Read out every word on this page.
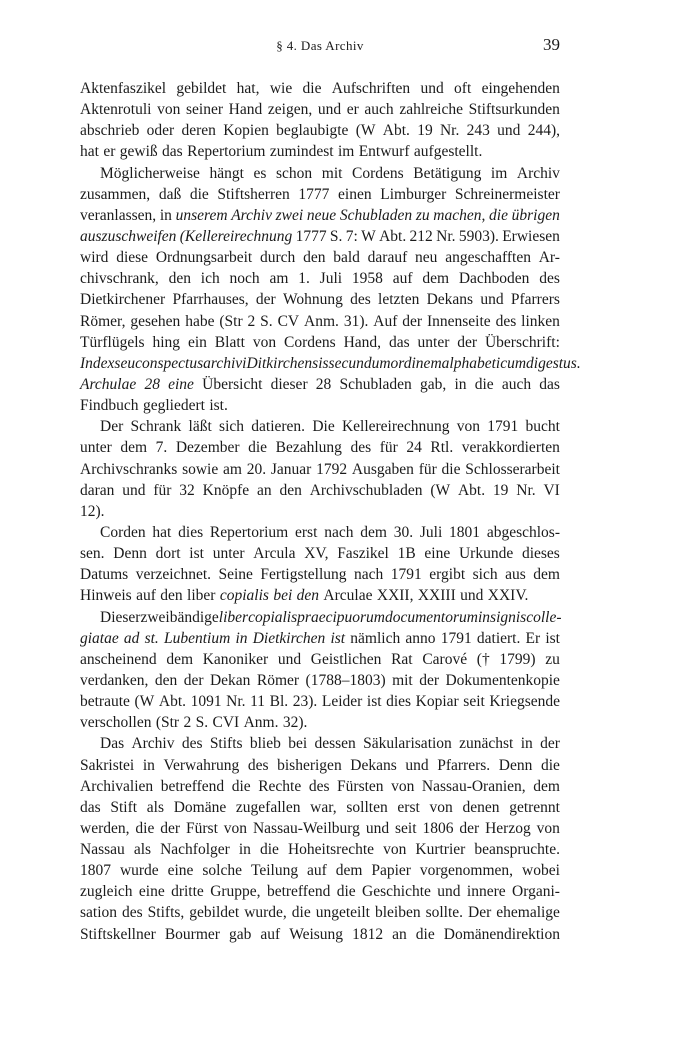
§ 4. Das Archiv	39
Aktenfaszikel gebildet hat, wie die Aufschriften und oft eingehenden
Aktenrotuli von seiner Hand zeigen, und er auch zahlreiche Stiftsurkunden
abschrieb oder deren Kopien beglaubigte (W Abt. 19 Nr. 243 und 244),
hat er gewiß das Repertorium zumindest im Entwurf aufgestellt.
Möglicherweise hängt es schon mit Cordens Betätigung im Archiv
zusammen, daß die Stiftsherren 1777 einen Limburger Schreinermeister
veranlassen, in unserem Archiv zwei neue Schubladen zu machen, die übrigen
auszuschweifen (Kellereirechnung 1777 S. 7: W Abt. 212 Nr. 5903). Erwiesen
wird diese Ordnungsarbeit durch den bald darauf neu angeschafften Ar-
chivschrank, den ich noch am 1. Juli 1958 auf dem Dachboden des
Dietkirchener Pfarrhauses, der Wohnung des letzten Dekans und Pfarrers
Römer, gesehen habe (Str 2 S. CV Anm. 31). Auf der Innenseite des linken
Türflügels hing ein Blatt von Cordens Hand, das unter der Überschrift:
Index seu conspectus archivi Ditkirchensis secundum ordinem alphabeticum digestus.
Archulae 28 eine Übersicht dieser 28 Schubladen gab, in die auch das
Findbuch gegliedert ist.
Der Schrank läßt sich datieren. Die Kellereirechnung von 1791 bucht
unter dem 7. Dezember die Bezahlung des für 24 Rtl. verakkordierten
Archivschranks sowie am 20. Januar 1792 Ausgaben für die Schlosserarbeit
daran und für 32 Knöpfe an den Archivschubladen (W Abt. 19 Nr. VI
12).
Corden hat dies Repertorium erst nach dem 30. Juli 1801 abgeschlos-
sen. Denn dort ist unter Arcula XV, Faszikel 1B eine Urkunde dieses
Datums verzeichnet. Seine Fertigstellung nach 1791 ergibt sich aus dem
Hinweis auf den liber copialis bei den Arculae XXII, XXIII und XXIV.
Dieser zweibändige liber copialis praecipuorum documentorum insignis colle-
giatae ad st. Lubentium in Dietkirchen ist nämlich anno 1791 datiert. Er ist
anscheinend dem Kanoniker und Geistlichen Rat Carové († 1799) zu
verdanken, den der Dekan Römer (1788–1803) mit der Dokumentenkopie
betraute (W Abt. 1091 Nr. 11 Bl. 23). Leider ist dies Kopiar seit Kriegsende
verschollen (Str 2 S. CVI Anm. 32).
Das Archiv des Stifts blieb bei dessen Säkularisation zunächst in der
Sakristei in Verwahrung des bisherigen Dekans und Pfarrers. Denn die
Archivalien betreffend die Rechte des Fürsten von Nassau-Oranien, dem
das Stift als Domäne zugefallen war, sollten erst von denen getrennt
werden, die der Fürst von Nassau-Weilburg und seit 1806 der Herzog von
Nassau als Nachfolger in die Hoheitsrechte von Kurtrier beanspruchte.
1807 wurde eine solche Teilung auf dem Papier vorgenommen, wobei
zugleich eine dritte Gruppe, betreffend die Geschichte und innere Organi-
sation des Stifts, gebildet wurde, die ungeteilt bleiben sollte. Der ehemalige
Stiftskellner Bourmer gab auf Weisung 1812 an die Domänendirektion
